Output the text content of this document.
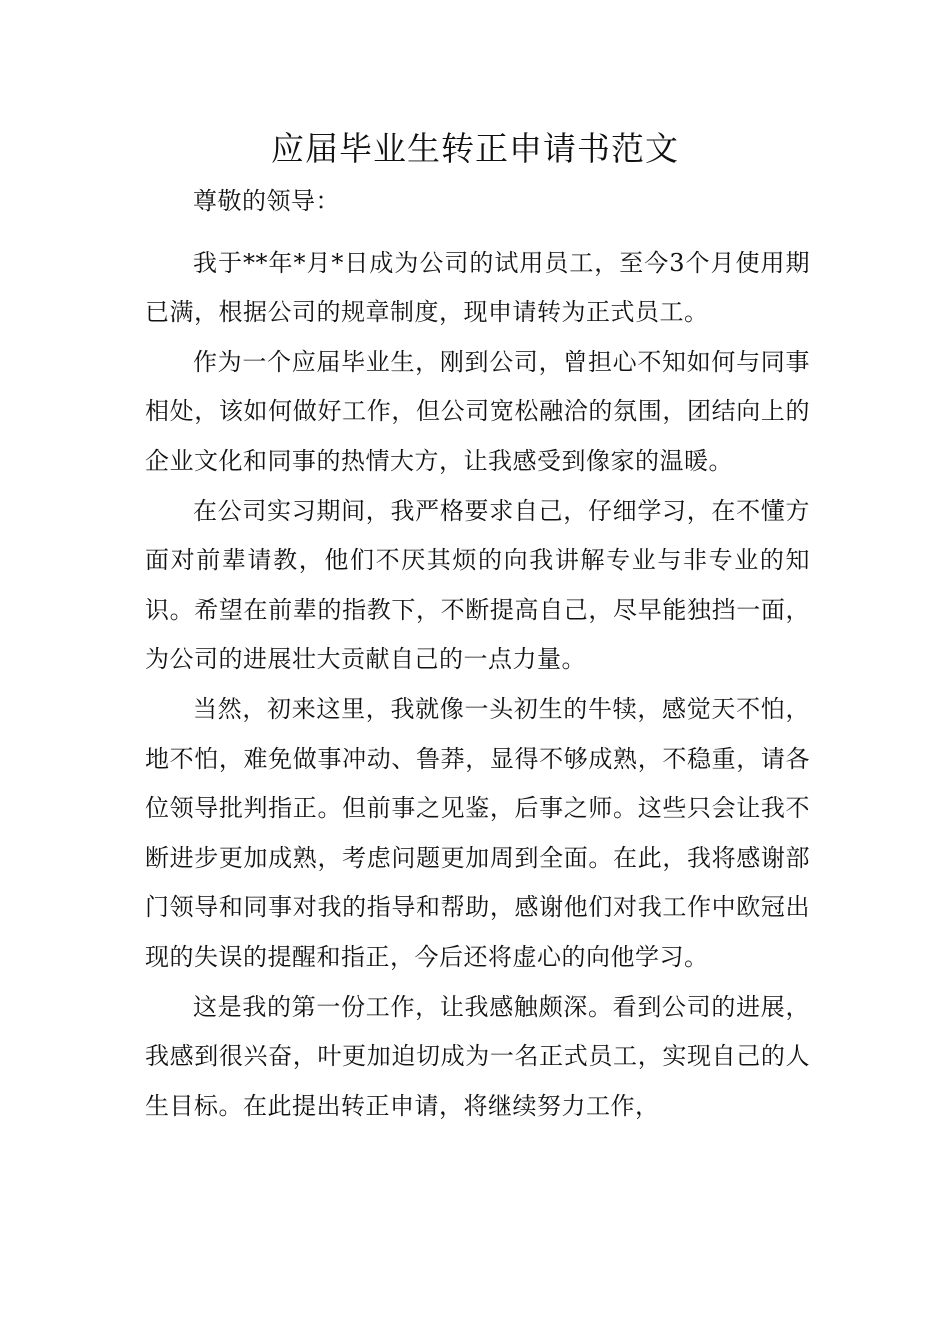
应届毕业生转正申请书范文

尊敬的领导：

我于**年*月*日成为公司的试用员工，至今3个月使用期已满，根据公司的规章制度，现申请转为正式员工。

作为一个应届毕业生，刚到公司，曾担心不知如何与同事相处，该如何做好工作，但公司宽松融洽的氛围，团结向上的企业文化和同事的热情大方，让我感受到像家的温暖。

在公司实习期间，我严格要求自己，仔细学习，在不懂方面对前辈请教，他们不厌其烦的向我讲解专业与非专业的知识。希望在前辈的指教下，不断提高自己，尽早能独挡一面，为公司的进展壮大贡献自己的一点力量。

当然，初来这里，我就像一头初生的牛犊，感觉天不怕，地不怕，难免做事冲动、鲁莽，显得不够成熟，不稳重，请各位领导批判指正。但前事之见鉴，后事之师。这些只会让我不断进步更加成熟，考虑问题更加周到全面。在此，我将感谢部门领导和同事对我的指导和帮助，感谢他们对我工作中欧冠出现的失误的提醒和指正，今后还将虚心的向他学习。

这是我的第一份工作，让我感触颇深。看到公司的进展，我感到很兴奋，叶更加迫切成为一名正式员工，实现自己的人生目标。在此提出转正申请，将继续努力工作，
